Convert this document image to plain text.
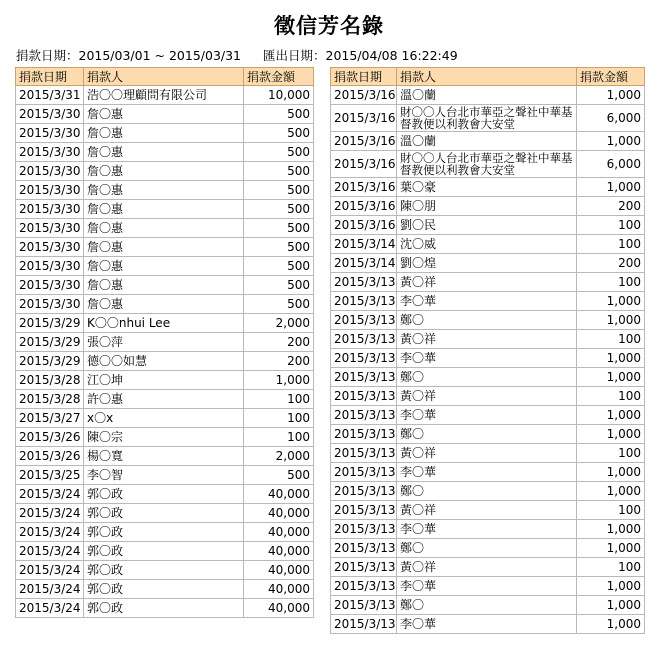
徵信芳名錄
捐款日期：2015/03/01 ~ 2015/03/31 匯出日期：2015/04/08 16:22:49
捐款日期	捐款人	捐款金額
2015/3/31	浩〇〇理顧問有限公司	10,000
2015/3/30	詹〇惠	500
2015/3/30	詹〇惠	500
2015/3/30	詹〇惠	500
2015/3/30	詹〇惠	500
2015/3/30	詹〇惠	500
2015/3/30	詹〇惠	500
2015/3/30	詹〇惠	500
2015/3/30	詹〇惠	500
2015/3/30	詹〇惠	500
2015/3/30	詹〇惠	500
2015/3/30	詹〇惠	500
2015/3/29	K〇〇nhui Lee	2,000
2015/3/29	張〇萍	200
2015/3/29	德〇〇如慧	200
2015/3/28	江〇坤	1,000
2015/3/28	許〇惠	100
2015/3/27	x〇x	100
2015/3/26	陳〇宗	100
2015/3/26	楊〇寬	2,000
2015/3/25	李〇智	500
2015/3/24	郭〇政	40,000
2015/3/24	郭〇政	40,000
2015/3/24	郭〇政	40,000
2015/3/24	郭〇政	40,000
2015/3/24	郭〇政	40,000
2015/3/24	郭〇政	40,000
2015/3/24	郭〇政	40,000
捐款日期	捐款人	捐款金額
2015/3/16	溫〇蘭	1,000
2015/3/16	財〇〇人台北市華亞之聲社中華基督教便以利教會大安堂	6,000
2015/3/16	溫〇蘭	1,000
2015/3/16	財〇〇人台北市華亞之聲社中華基督教便以利教會大安堂	6,000
2015/3/16	葉〇豪	1,000
2015/3/16	陳〇朋	200
2015/3/16	劉〇民	100
2015/3/14	沈〇威	100
2015/3/14	劉〇煌	200
2015/3/13	黃〇祥	100
2015/3/13	李〇華	1,000
2015/3/13	鄭〇	1,000
2015/3/13	黃〇祥	100
2015/3/13	李〇華	1,000
2015/3/13	鄭〇	1,000
2015/3/13	黃〇祥	100
2015/3/13	李〇華	1,000
2015/3/13	鄭〇	1,000
2015/3/13	黃〇祥	100
2015/3/13	李〇華	1,000
2015/3/13	鄭〇	1,000
2015/3/13	黃〇祥	100
2015/3/13	李〇華	1,000
2015/3/13	鄭〇	1,000
2015/3/13	黃〇祥	100
2015/3/13	李〇華	1,000
2015/3/13	鄭〇	1,000
2015/3/13	李〇華	1,000
